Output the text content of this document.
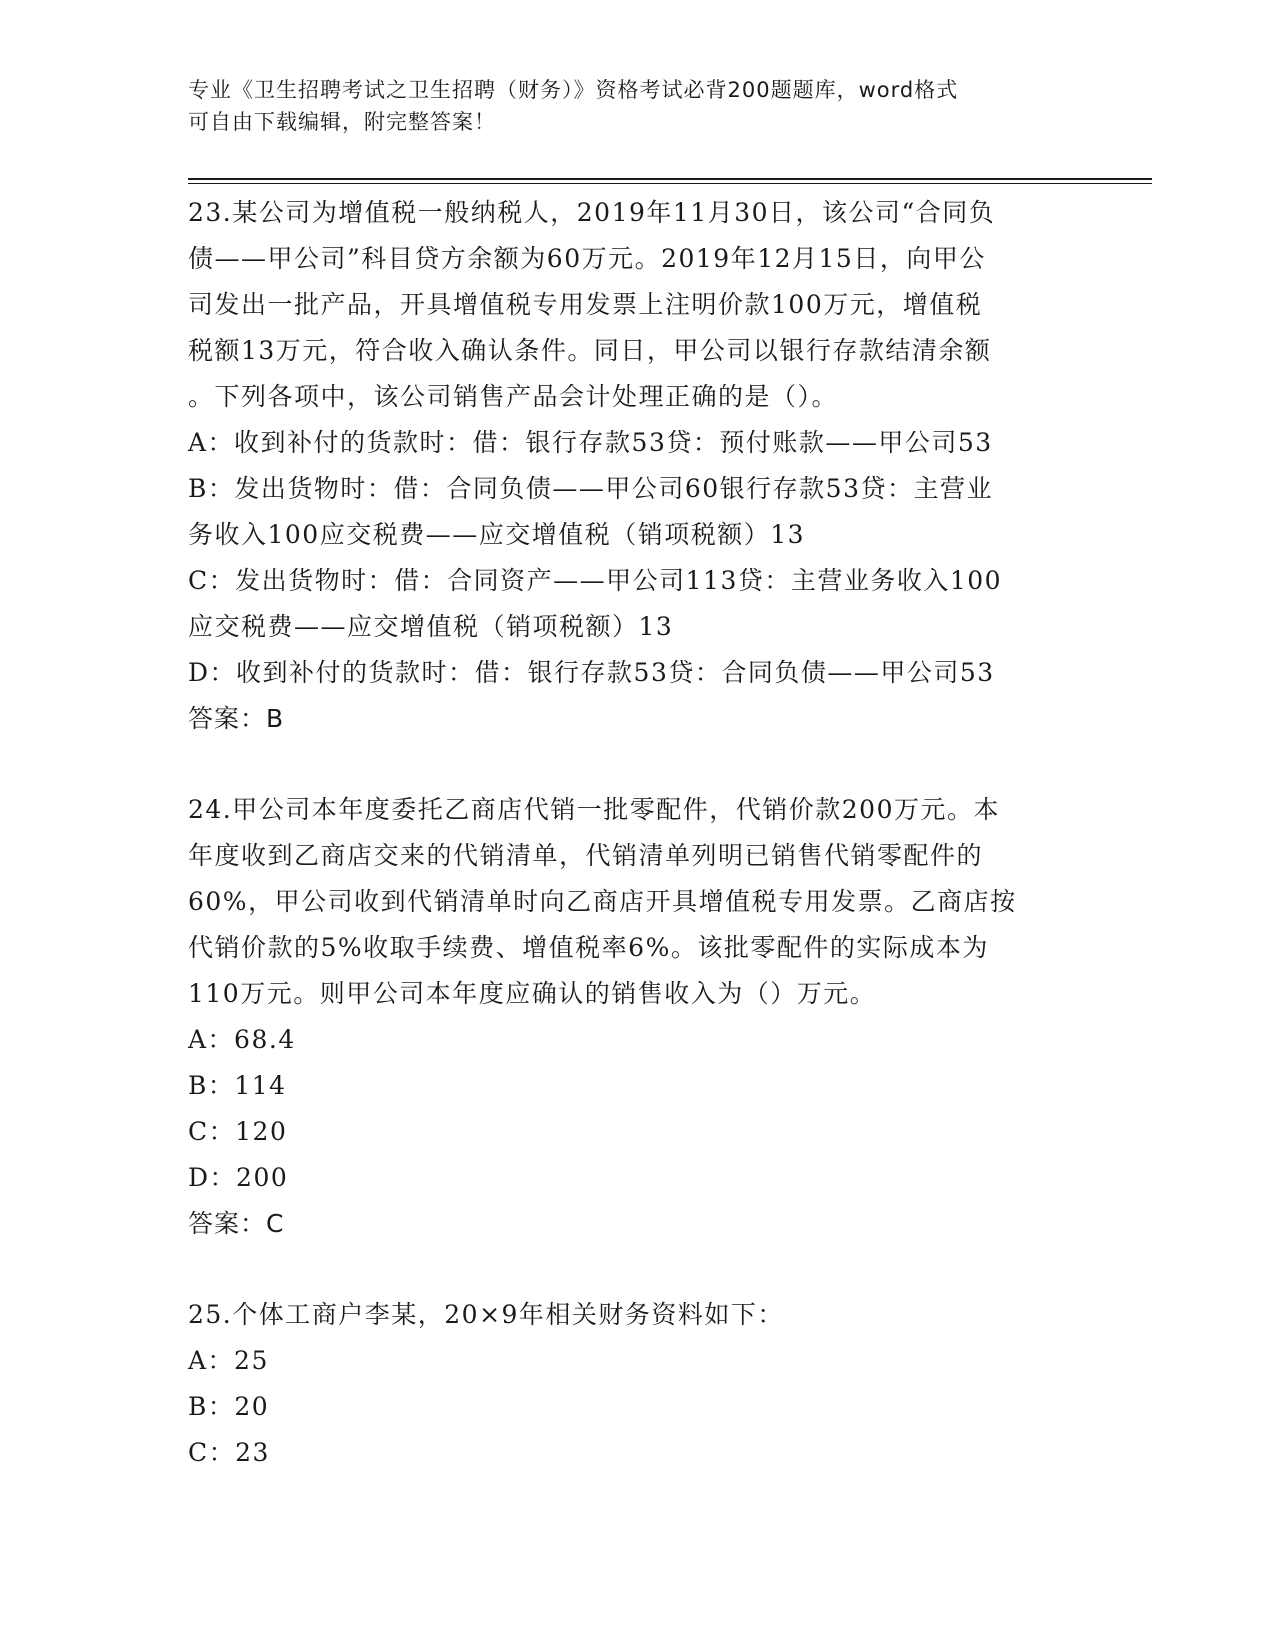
专业《卫生招聘考试之卫生招聘（财务）》资格考试必背200题题库，word格式
可自由下载编辑，附完整答案！
23.某公司为增值税一般纳税人，2019年11月30日，该公司“合同负
债——甲公司”科目贷方余额为60万元。2019年12月15日，向甲公
司发出一批产品，开具增值税专用发票上注明价款100万元，增值税
税额13万元，符合收入确认条件。同日，甲公司以银行存款结清余额
。下列各项中，该公司销售产品会计处理正确的是（）。
A：收到补付的货款时：借：银行存款53贷：预付账款——甲公司53
B：发出货物时：借：合同负债——甲公司60银行存款53贷：主营业
务收入100应交税费——应交增值税（销项税额）13
C：发出货物时：借：合同资产——甲公司113贷：主营业务收入100
应交税费——应交增值税（销项税额）13
D：收到补付的货款时：借：银行存款53贷：合同负债——甲公司53
答案：B
24.甲公司本年度委托乙商店代销一批零配件，代销价款200万元。本
年度收到乙商店交来的代销清单，代销清单列明已销售代销零配件的
60%，甲公司收到代销清单时向乙商店开具增值税专用发票。乙商店按
代销价款的5%收取手续费、增值税率6%。该批零配件的实际成本为
110万元。则甲公司本年度应确认的销售收入为（）万元。
A：68.4
B：114
C：120
D：200
答案：C
25.个体工商户李某，20×9年相关财务资料如下：
A：25
B：20
C：23
